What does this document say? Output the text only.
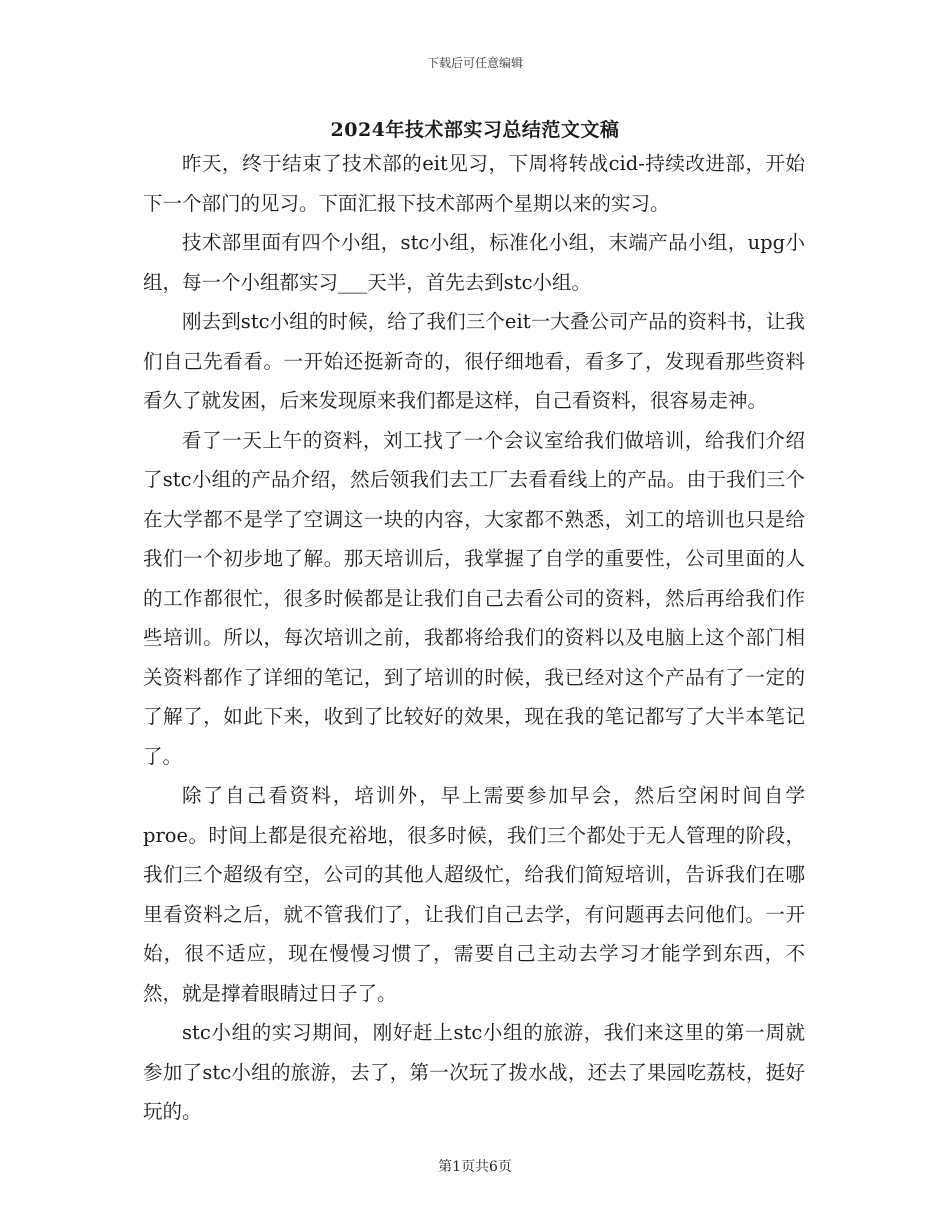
下载后可任意编辑
2024年技术部实习总结范文文稿

昨天，终于结束了技术部的eit见习，下周将转战cid-持续改进部，开始下一个部门的见习。下面汇报下技术部两个星期以来的实习。

技术部里面有四个小组，stc小组，标准化小组，末端产品小组，upg小组，每一个小组都实习___天半，首先去到stc小组。

刚去到stc小组的时候，给了我们三个eit一大叠公司产品的资料书，让我们自己先看看。一开始还挺新奇的，很仔细地看，看多了，发现看那些资料看久了就发困，后来发现原来我们都是这样，自己看资料，很容易走神。

看了一天上午的资料，刘工找了一个会议室给我们做培训，给我们介绍了stc小组的产品介绍，然后领我们去工厂去看看线上的产品。由于我们三个在大学都不是学了空调这一块的内容，大家都不熟悉，刘工的培训也只是给我们一个初步地了解。那天培训后，我掌握了自学的重要性，公司里面的人的工作都很忙，很多时候都是让我们自己去看公司的资料，然后再给我们作些培训。所以，每次培训之前，我都将给我们的资料以及电脑上这个部门相关资料都作了详细的笔记，到了培训的时候，我已经对这个产品有了一定的了解了，如此下来，收到了比较好的效果，现在我的笔记都写了大半本笔记了。

除了自己看资料，培训外，早上需要参加早会，然后空闲时间自学proe。时间上都是很充裕地，很多时候，我们三个都处于无人管理的阶段，我们三个超级有空，公司的其他人超级忙，给我们简短培训，告诉我们在哪里看资料之后，就不管我们了，让我们自己去学，有问题再去问他们。一开始，很不适应，现在慢慢习惯了，需要自己主动去学习才能学到东西，不然，就是撑着眼睛过日子了。

stc小组的实习期间，刚好赶上stc小组的旅游，我们来这里的第一周就参加了stc小组的旅游，去了，第一次玩了拨水战，还去了果园吃荔枝，挺好玩的。

第1页共6页
